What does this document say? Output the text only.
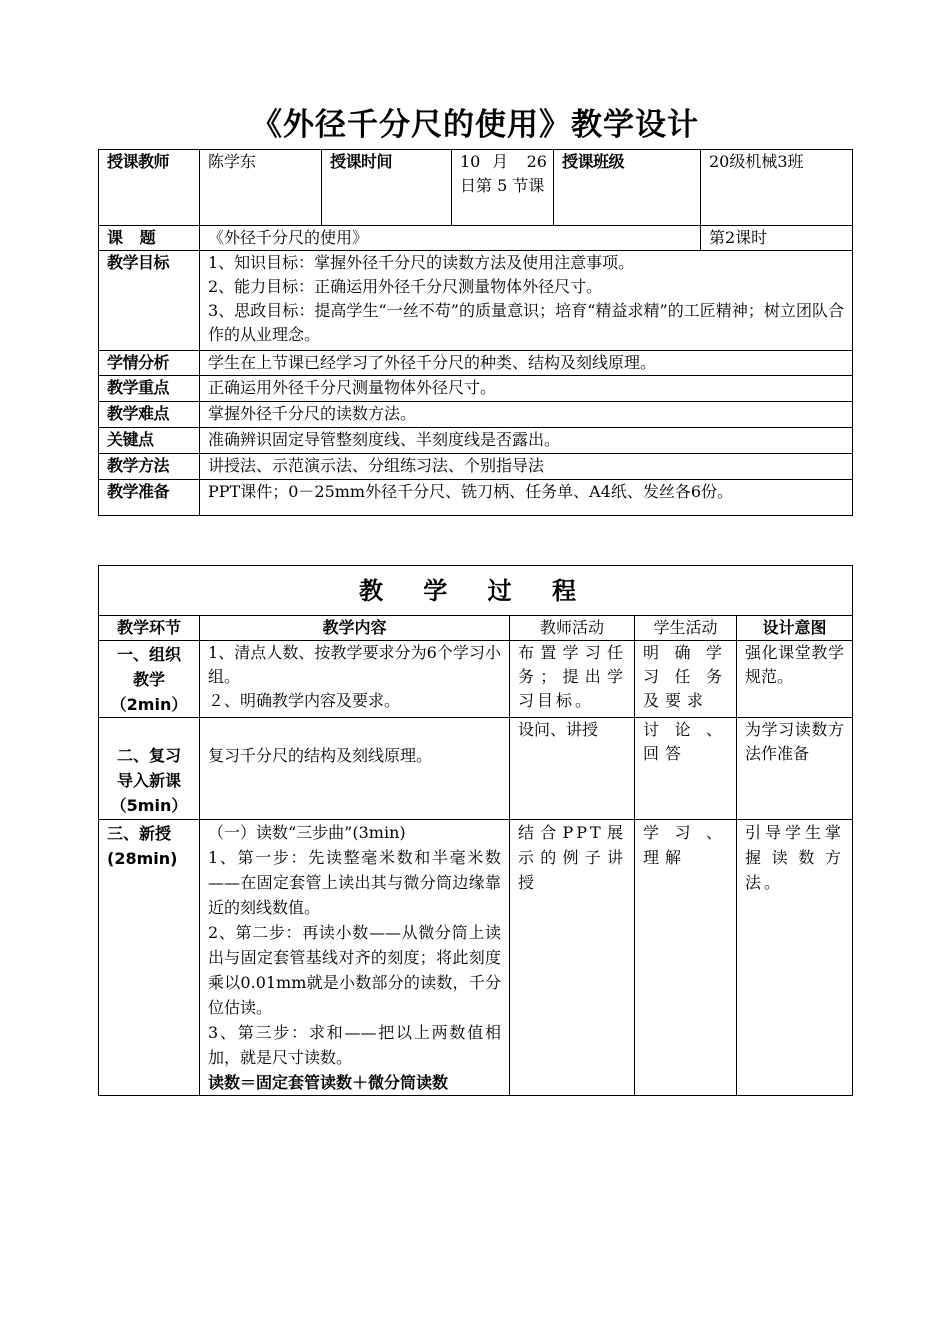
《外径千分尺的使用》教学设计
授课教师	陈学东	授课时间	10 月 26 日第 5 节课	授课班级	20级机械3班
课 题	《外径千分尺的使用》				第2课时
教学目标	1、知识目标：掌握外径千分尺的读数方法及使用注意事项。
2、能力目标：正确运用外径千分尺测量物体外径尺寸。
3、思政目标：提高学生“一丝不苟”的质量意识；培育“精益求精”的工匠精神；树立团队合作的从业理念。				

学情分析	学生在上节课已经学习了外径千分尺的种类、结构及刻线原理。				
教学重点	正确运用外径千分尺测量物体外径尺寸。				
教学难点	掌握外径千分尺的读数方法。				
关键点	准确辨识固定导管整刻度线、半刻度线是否露出。				
教学方法	讲授法、示范演示法、分组练习法、个别指导法				
教学准备	PPT课件；0－25mm外径千分尺、铣刀柄、任务单、A4纸、发丝各6份。				
教 学 过 程				
教学环节	教学内容	教师活动	学生活动	设计意图

一、组织
教学
（2min）	1、清点人数、按教学要求分为6个学习小组。
２、明确教学内容及要求。	布置学习任务；提出学习目标。	明确学习任务及要求	强化课堂教学规范。

二、复习
导入新课
（5min）	复习千分尺的结构及刻线原理。	设问、讲授	讨论、回答	为学习读数方法作准备

三、新授
(28min)	（一）读数“三步曲”(3min)
1、第一步：先读整毫米数和半毫米数——在固定套管上读出其与微分筒边缘靠近的刻线数值。
2、第二步：再读小数——从微分筒上读出与固定套管基线对齐的刻度；将此刻度乘以0.01mm就是小数部分的读数，千分位估读。
3、第三步：求和——把以上两数值相加，就是尺寸读数。
读数＝固定套管读数＋微分筒读数	结合PPT展示的例子讲授	学习、理解	引导学生掌握读数方法。
